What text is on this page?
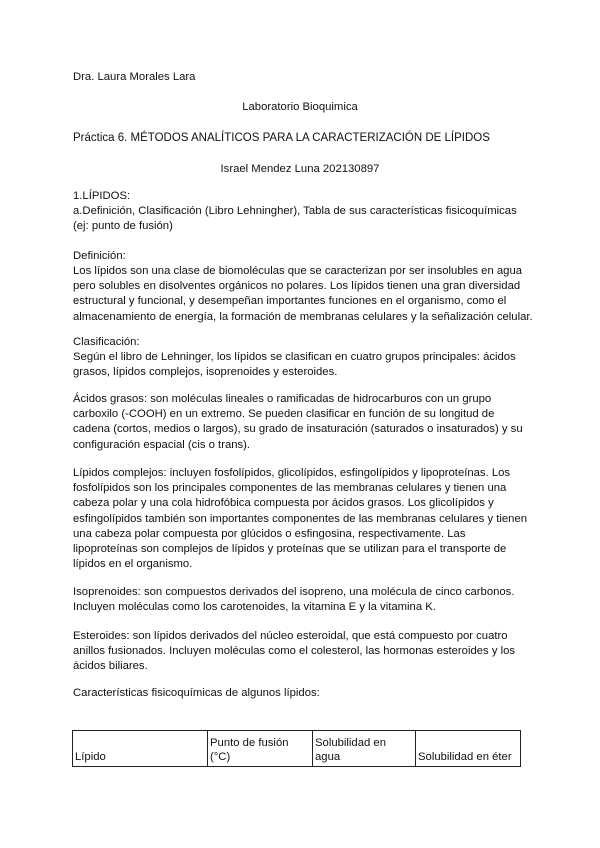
Dra. Laura Morales Lara
Laboratorio Bioquimica
Práctica 6. MÉTODOS ANALÍTICOS PARA LA CARACTERIZACIÓN DE LÍPIDOS
Israel Mendez Luna 202130897
1.LÍPIDOS:

a.Definición, Clasificación (Libro Lehningher), Tabla de sus características fisicoquímicas (ej: punto de fusión)

Definición:

Los lípidos son una clase de biomoléculas que se caracterizan por ser insolubles en agua pero solubles en disolventes orgánicos no polares. Los lípidos tienen una gran diversidad estructural y funcional, y desempeñan importantes funciones en el organismo, como el almacenamiento de energía, la formación de membranas celulares y la señalización celular.

Clasificación:

Según el libro de Lehninger, los lípidos se clasifican en cuatro grupos principales: ácidos grasos, lípidos complejos, isoprenoides y esteroides.

Ácidos grasos: son moléculas lineales o ramificadas de hidrocarburos con un grupo carboxilo (-COOH) en un extremo. Se pueden clasificar en función de su longitud de cadena (cortos, medios o largos), su grado de insaturación (saturados o insaturados) y su configuración espacial (cis o trans).

Lípidos complejos: incluyen fosfolípidos, glicolípidos, esfingolípidos y lipoproteínas. Los fosfolípidos son los principales componentes de las membranas celulares y tienen una cabeza polar y una cola hidrofóbica compuesta por ácidos grasos. Los glicolípidos y esfingolípidos también son importantes componentes de las membranas celulares y tienen una cabeza polar compuesta por glúcidos o esfingosina, respectivamente. Las lipoproteínas son complejos de lípidos y proteínas que se utilizan para el transporte de lípidos en el organismo.

Isoprenoides: son compuestos derivados del isopreno, una molécula de cinco carbonos. Incluyen moléculas como los carotenoides, la vitamina E y la vitamina K.

Esteroides: son lípidos derivados del núcleo esteroidal, que está compuesto por cuatro anillos fusionados. Incluyen moléculas como el colesterol, las hormonas esteroides y los ácidos biliares.

Características fisicoquímicas de algunos lípidos:
Lípido	Punto de fusión (°C)	Solubilidad en agua	Solubilidad en éter
